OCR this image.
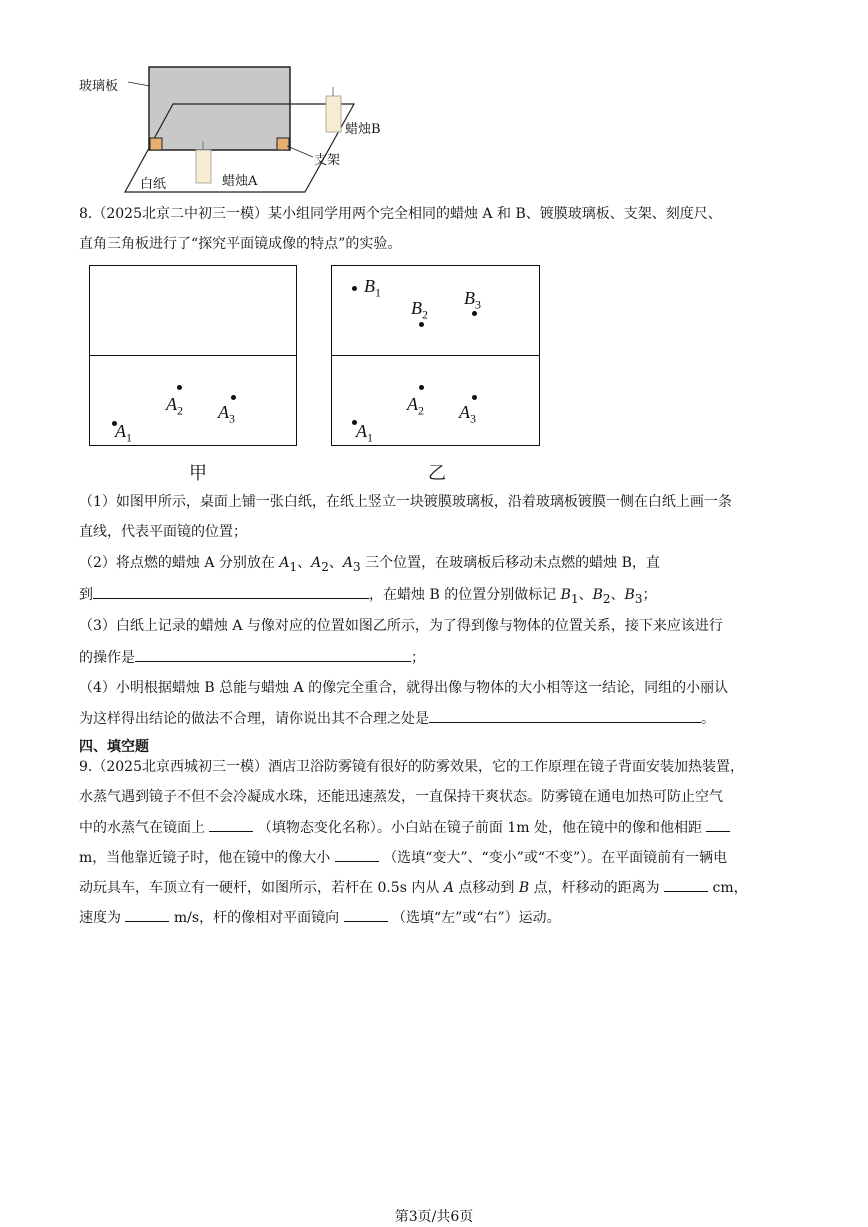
玻璃板
蜡烛B
白纸	蜡烛A
支架
8.（2025北京二中初三一模）某小组同学用两个完全相同的蜡烛 A 和 B、镀膜玻璃板、支架、刻度尺、
直角三角板进行了“探究平面镜成像的特点”的实验。
$A_1$
$A_2$ $A_3$
甲
$B_1$
$B_2$
$B_3$
$A_1$
$A_2$ $A_3$
乙
（1）如图甲所示，桌面上铺一张白纸，在纸上竖立一块镀膜玻璃板，沿着玻璃板镀膜一侧在白纸上画一条
直线，代表平面镜的位置；
（2）将点燃的蜡烛 A 分别放在 $A_1$、$A_2$、$A_3$ 三个位置，在玻璃板后移动未点燃的蜡烛 B，直
到	，在蜡烛 B 的位置分别做标记 $B_1$、$B_2$、$B_3$；
（3）白纸上记录的蜡烛 A 与像对应的位置如图乙所示，为了得到像与物体的位置关系，接下来应该进行
的操作是	；
（4）小明根据蜡烛 B 总能与蜡烛 A 的像完全重合，就得出像与物体的大小相等这一结论，同组的小丽认
为这样得出结论的做法不合理，请你说出其不合理之处是	。
四、填空题
9.（2025北京西城初三一模）酒店卫浴防雾镜有很好的防雾效果，它的工作原理在镜子背面安装加热装置，
水蒸气遇到镜子不但不会冷凝成水珠，还能迅速蒸发，一直保持干爽状态。防雾镜在通电加热可防止空气
中的水蒸气在镜面上	（填物态变化名称）。小白站在镜子前面 1m 处，他在镜中的像和他相距
m，当他靠近镜子时，他在镜中的像大小	（选填“变大”、“变小”或“不变”）。在平面镜前有一辆电
动玩具车，车顶立有一硬杆，如图所示，若杆在 0.5s 内从 A 点移动到 B 点，杆移动的距离为	cm，
速度为	m/s，杆的像相对平面镜向	（选填“左”或“右”）运动。
第3页/共6页
